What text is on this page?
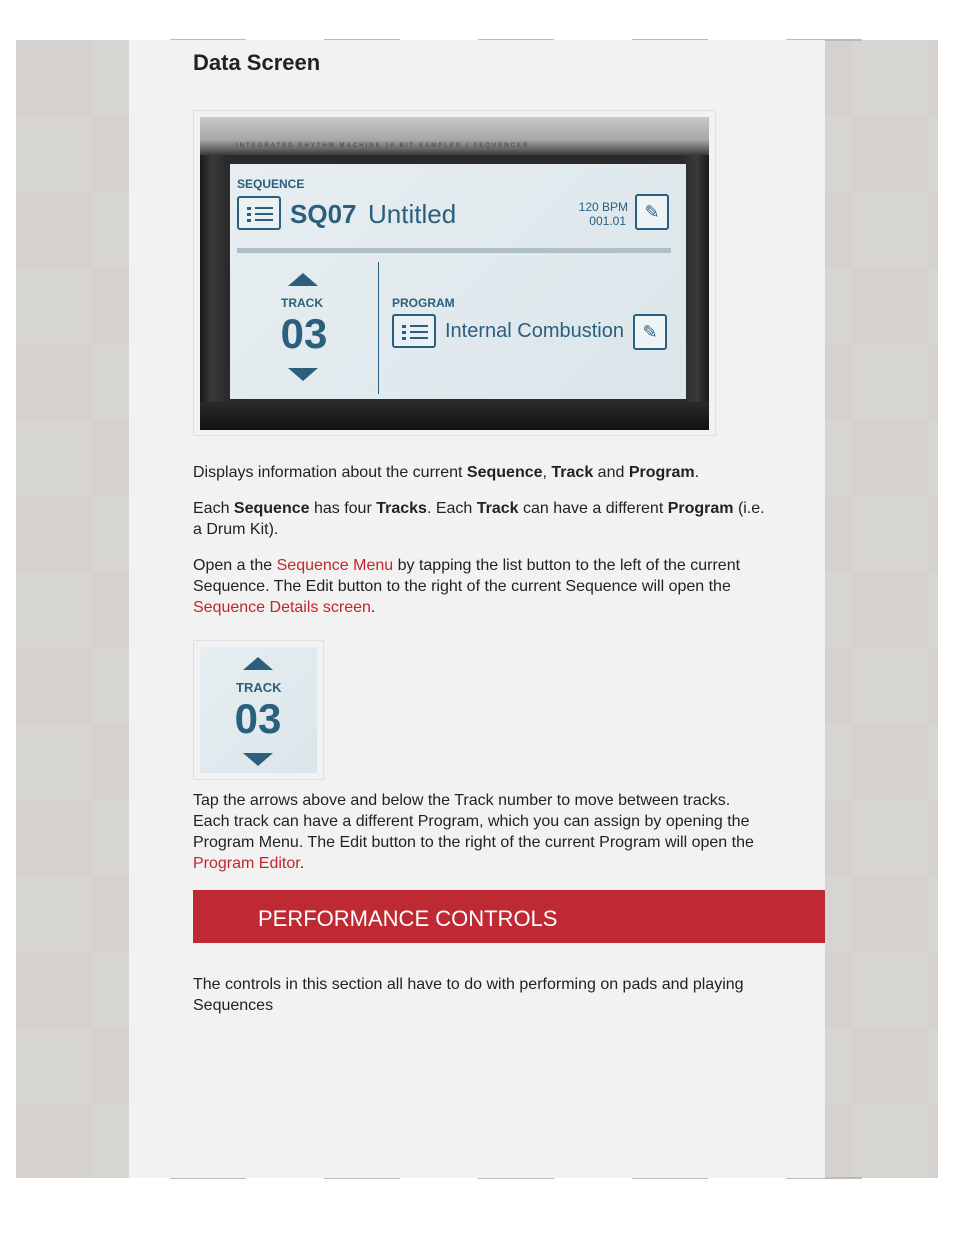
Data Screen
INTEGRATED RHYTHM MACHINE 16 BIT SAMPLER / SEQUENCER
SEQUENCE
SQ07 Untitled	120 BPM
001.01	✎
TRACK
03
PROGRAM
Internal Combustion	✎

Displays information about the current Sequence, Track and Program.

Each Sequence has four Tracks. Each Track can have a different Program (i.e. a Drum Kit).

Open a the Sequence Menu by tapping the list button to the left of the current Sequence. The Edit button to the right of the current Sequence will open the Sequence Details screen.

TRACK
03

Tap the arrows above and below the Track number to move between tracks. Each track can have a different Program, which you can assign by opening the Program Menu. The Edit button to the right of the current Program will open the Program Editor.

PERFORMANCE CONTROLS

The controls in this section all have to do with performing on pads and playing Sequences
